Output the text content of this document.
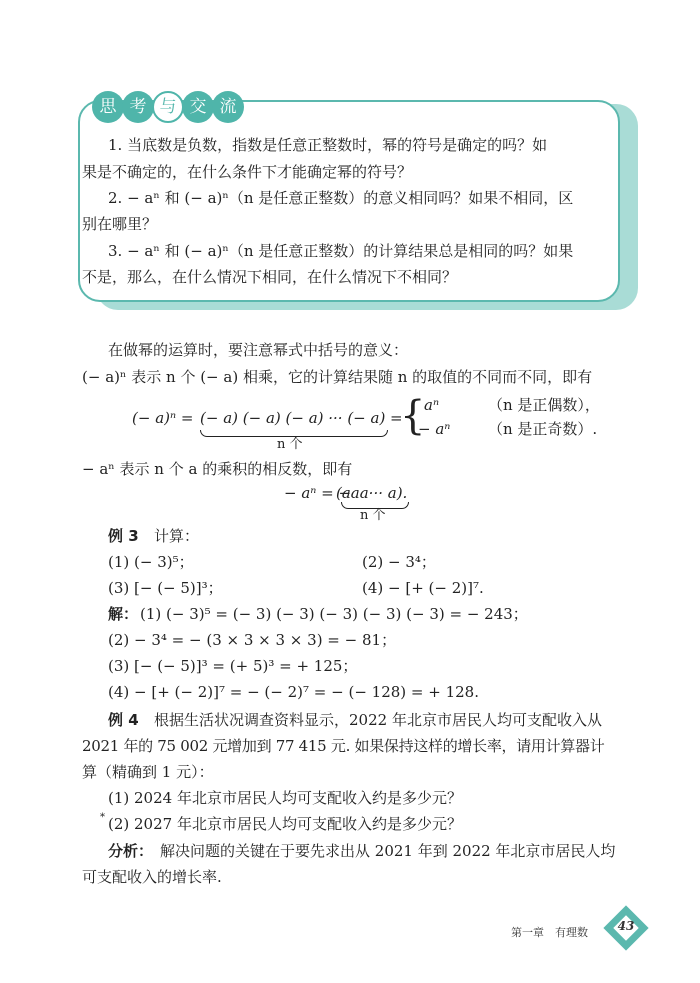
思 考 与 交 流
1. 当底数是负数，指数是任意正整数时，幂的符号是确定的吗？如
果是不确定的，在什么条件下才能确定幂的符号？
2. − aⁿ 和 (− a)ⁿ（n 是任意正整数）的意义相同吗？如果不相同，区
别在哪里？
3. − aⁿ 和 (− a)ⁿ（n 是任意正整数）的计算结果总是相同的吗？如果
不是，那么，在什么情况下相同，在什么情况下不相同？
在做幂的运算时，要注意幂式中括号的意义：
(− a)ⁿ 表示 n 个 (− a) 相乘，它的计算结果随 n 的取值的不同而不同，即有
(− a)ⁿ = (− a) (− a) (− a) ··· (− a)
n 个
=
{
aⁿ	（n 是正偶数），
− aⁿ	（n 是正奇数）.
− aⁿ 表示 n 个 a 的乘积的相反数，即有
− aⁿ = −
(aaa··· a).
n 个
例 3 计算：
(1) (− 3)⁵；	(2) − 3⁴；
(3) [− (− 5)]³；	(4) − [+ (− 2)]⁷.
解： (1) (− 3)⁵ = (− 3) (− 3) (− 3) (− 3) (− 3) = − 243；
(2) − 3⁴ = − (3 × 3 × 3 × 3) = − 81；
(3) [− (− 5)]³ = (+ 5)³ = + 125；
(4) − [+ (− 2)]⁷ = − (− 2)⁷ = − (− 128) = + 128.
例 4 根据生活状况调查资料显示，2022 年北京市居民人均可支配收入从
2021 年的 75 002 元增加到 77 415 元. 如果保持这样的增长率，请用计算器计
算（精确到 1 元）：
(1) 2024 年北京市居民人均可支配收入约是多少元？
* (2) 2027 年北京市居民人均可支配收入约是多少元？
分析： 解决问题的关键在于要先求出从 2021 年到 2022 年北京市居民人均
可支配收入的增长率.
第一章　有理数	43
